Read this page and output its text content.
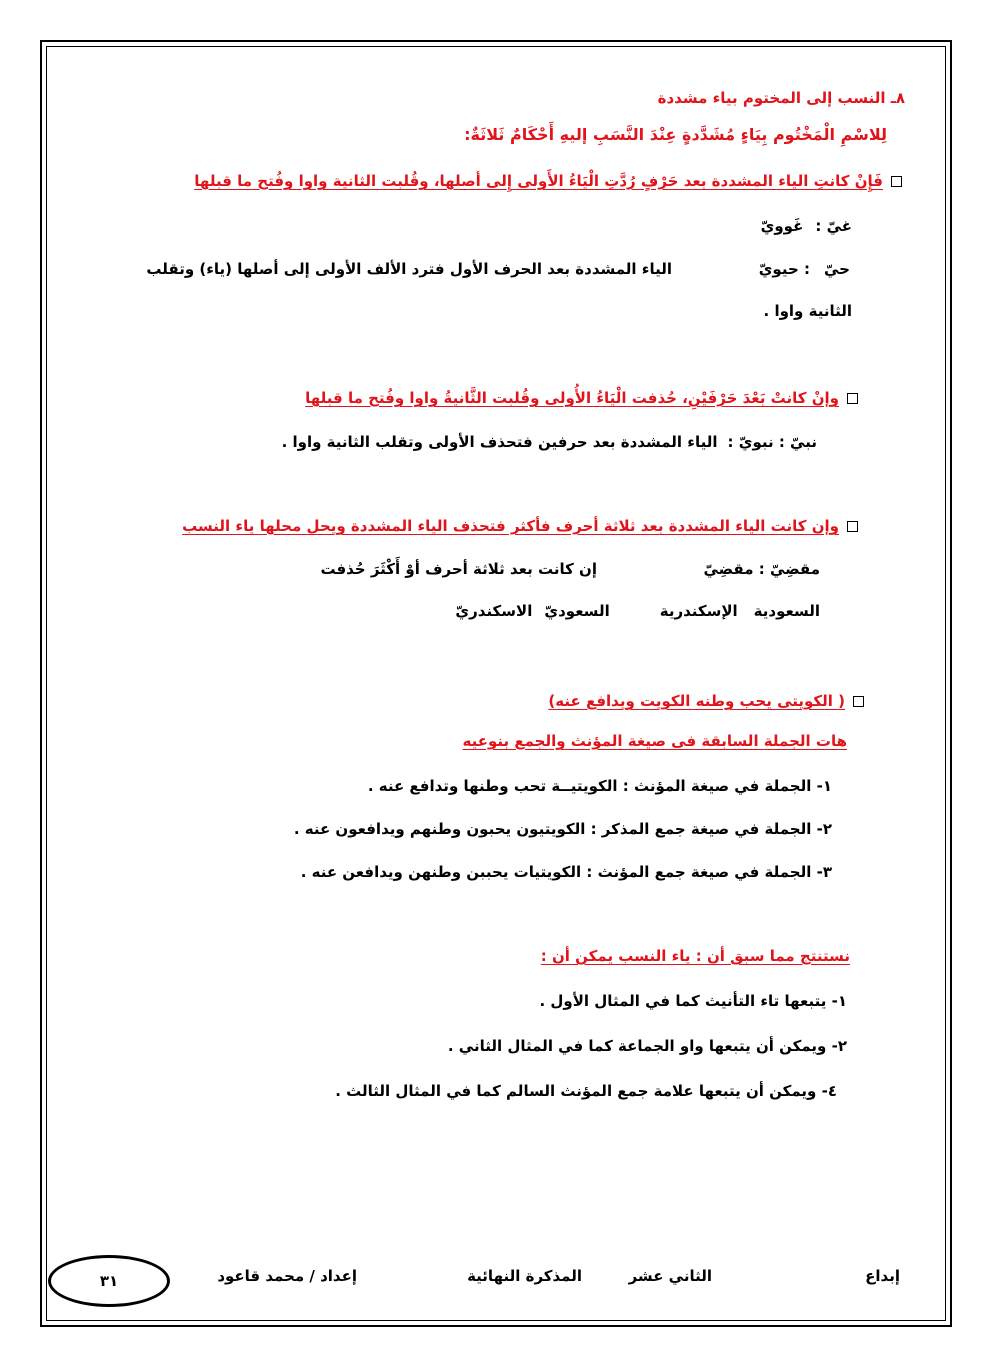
٨ـ النسب إلى المختوم بياء مشددة
لِلاسْمِ الْمَخْتُوم بِيَاءٍ مُشَدَّدةٍ عِنْدَ النَّسَبِ إليهِ أَحْكَامٌ ثَلاثَةٌ:
فَإِنْ كانتِ الياء المشددة بعد حَرْفٍ رُدَّتِ الْيَاءُ الأَولى إِلى أصلها، وقُلبت الثانية واوا وفُتح ما قبلها
غيّ :غَوويّ
حيّ: حيويّ
الياء المشددة بعد الحرف الأول فترد الألف الأولى إلى أصلها (ياء) وتقلب
الثانية واوا .
وإنْ كانتْ بَعْدَ حَرْفَيْنِ، حُذفت الْيَاءُ الأُولى وقُلبت الثَّانيةُ واوا وفُتح ما قبلها
نبيّ : نبويّ :الياء المشددة بعد حرفين فتحذف الأولى وتقلب الثانية واوا .
وإن كانت الياء المشددة بعد ثلاثة أحرف فأكثر فتحذف الياء المشددة ويحل محلها ياء النسب
مقضِيّ : مقضِيّ
إن كانت بعد ثلاثة أحرف أوْ أَكْثَرَ حُذفت
السعوديةالإسكندريةالسعوديّالاسكندريّ
( الكويتى يحب وطنه الكويت ويدافع عنه)
هات الجملة السابقة فى صيغة المؤنث والجمع بنوعيه
١- الجملة في صيغة المؤنث : الكويتيــة تحب وطنها وتدافع عنه .
٢- الجملة في صيغة جمع المذكر : الكويتيون يحبون وطنهم ويدافعون عنه .
٣- الجملة في صيغة جمع المؤنث : الكويتيات يحببن وطنهن ويدافعن عنه .
نستنتج مما سبق أن : ياء النسب يمكن أن :
١- يتبعها تاء التأنيث كما في المثال الأول .
٢- ويمكن أن يتبعها واو الجماعة كما في المثال الثاني .
٤- ويمكن أن يتبعها علامة جمع المؤنث السالم كما في المثال الثالث .
إبداع
الثاني عشر
المذكرة النهائية
إعداد / محمد قاعود
٣١
